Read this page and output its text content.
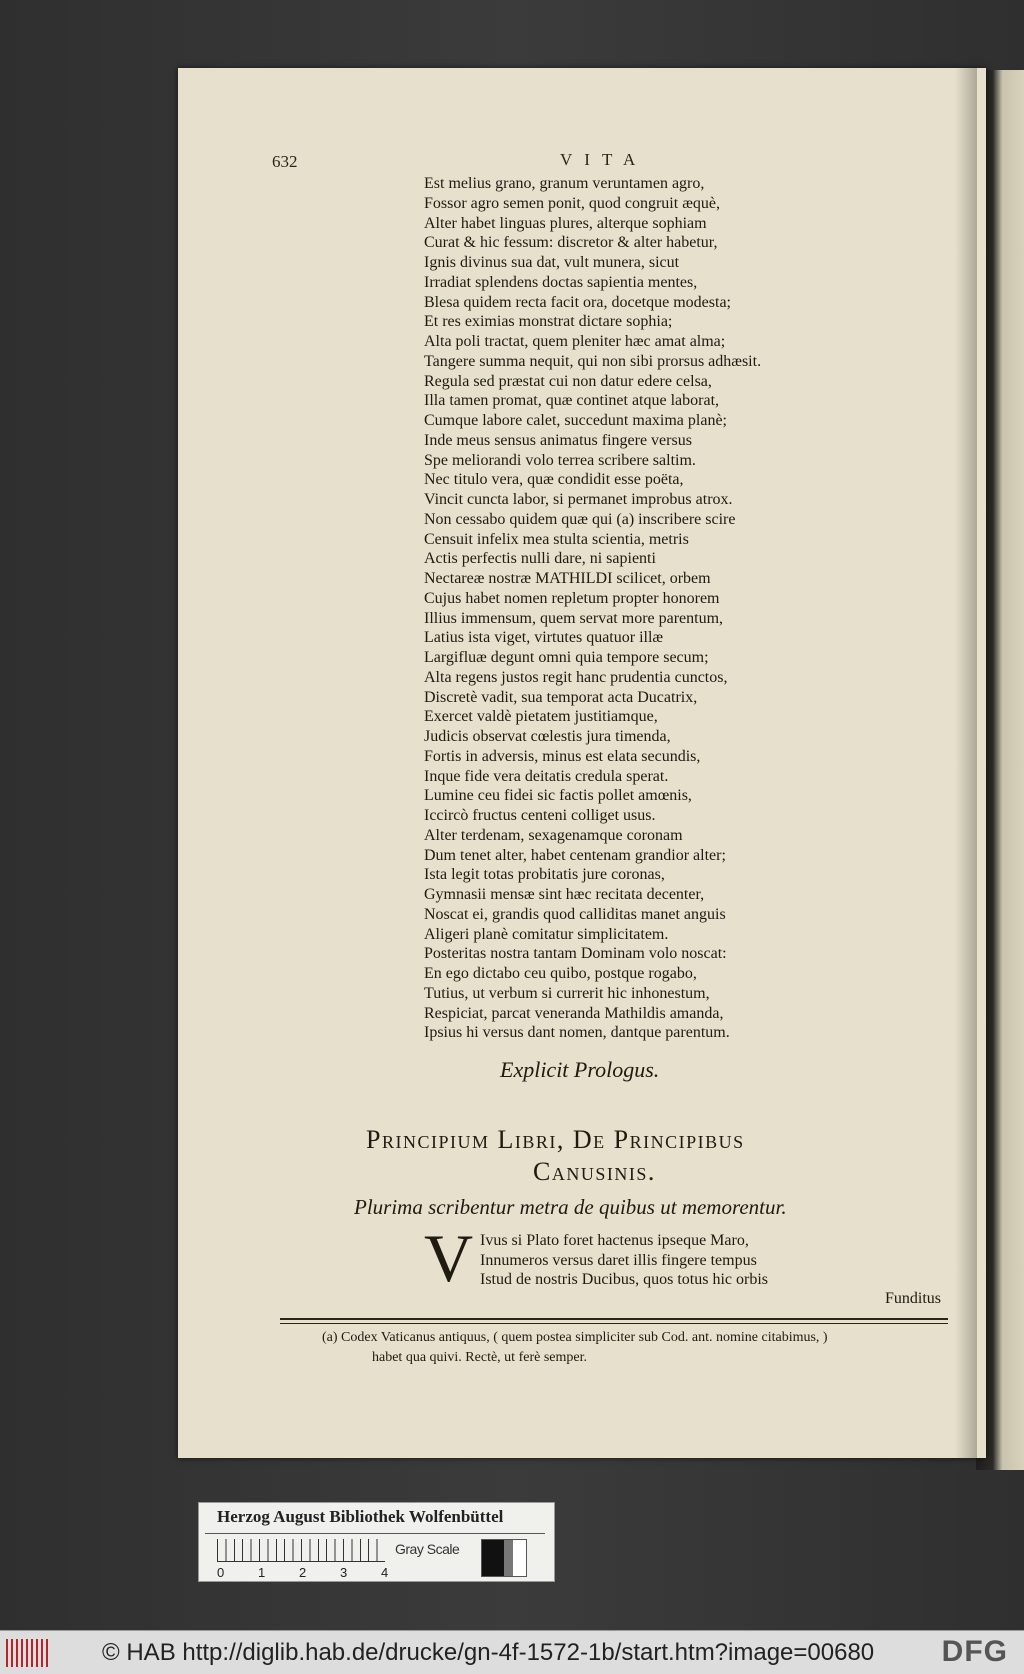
632	VITA
Est melius grano, granum veruntamen agro,
Fossor agro semen ponit, quod congruit æquè,
Alter habet linguas plures, alterque sophiam
Curat & hic fessum: discretor & alter habetur,
Ignis divinus sua dat, vult munera, sicut
Irradiat splendens doctas sapientia mentes,
Blesa quidem recta facit ora, docetque modesta;
Et res eximias monstrat dictare sophia;
Alta poli tractat, quem pleniter hæc amat alma;
Tangere summa nequit, qui non sibi prorsus adhæsit.
Regula sed præstat cui non datur edere celsa,
Illa tamen promat, quæ continet atque laborat,
Cumque labore calet, succedunt maxima planè;
Inde meus sensus animatus fingere versus
Spe meliorandi volo terrea scribere saltim.
Nec titulo vera, quæ condidit esse poëta,
Vincit cuncta labor, si permanet improbus atrox.
Non cessabo quidem quæ qui (a) inscribere scire
Censuit infelix mea stulta scientia, metris
Actis perfectis nulli dare, ni sapienti
Nectareæ nostræ MATHILDI scilicet, orbem
Cujus habet nomen repletum propter honorem
Illius immensum, quem servat more parentum,
Latius ista viget, virtutes quatuor illæ
Largifluæ degunt omni quia tempore secum;
Alta regens justos regit hanc prudentia cunctos,
Discretè vadit, sua temporat acta Ducatrix,
Exercet valdè pietatem justitiamque,
Judicis observat cœlestis jura timenda,
Fortis in adversis, minus est elata secundis,
Inque fide vera deitatis credula sperat.
Lumine ceu fidei sic factis pollet amœnis,
Iccircò fructus centeni colliget usus.
Alter terdenam, sexagenamque coronam
Dum tenet alter, habet centenam grandior alter;
Ista legit totas probitatis jure coronas,
Gymnasii mensæ sint hæc recitata decenter,
Noscat ei, grandis quod calliditas manet anguis
Aligeri planè comitatur simplicitatem.
Posteritas nostra tantam Dominam volo noscat:
En ego dictabo ceu quibo, postque rogabo,
Tutius, ut verbum si currerit hic inhonestum,
Respiciat, parcat veneranda Mathildis amanda,
Ipsius hi versus dant nomen, dantque parentum.
Explicit Prologus.
Principium Libri, De Principibus
Canusinis.
Plurima scribentur metra de quibus ut memorentur.
V Ivus si Plato foret hactenus ipseque Maro,
Innumeros versus daret illis fingere tempus
Istud de nostris Ducibus, quos totus hic orbis
Funditus
(a) Codex Vaticanus antiquus, ( quem postea simpliciter sub Cod. ant. nomine citabimus, )
habet qua quivi. Rectè, ut ferè semper.
Herzog August Bibliothek Wolfenbüttel
0	1	2	3	4
Gray Scale
© HAB http://diglib.hab.de/drucke/gn-4f-1572-1b/start.htm?image=00680 DFG
